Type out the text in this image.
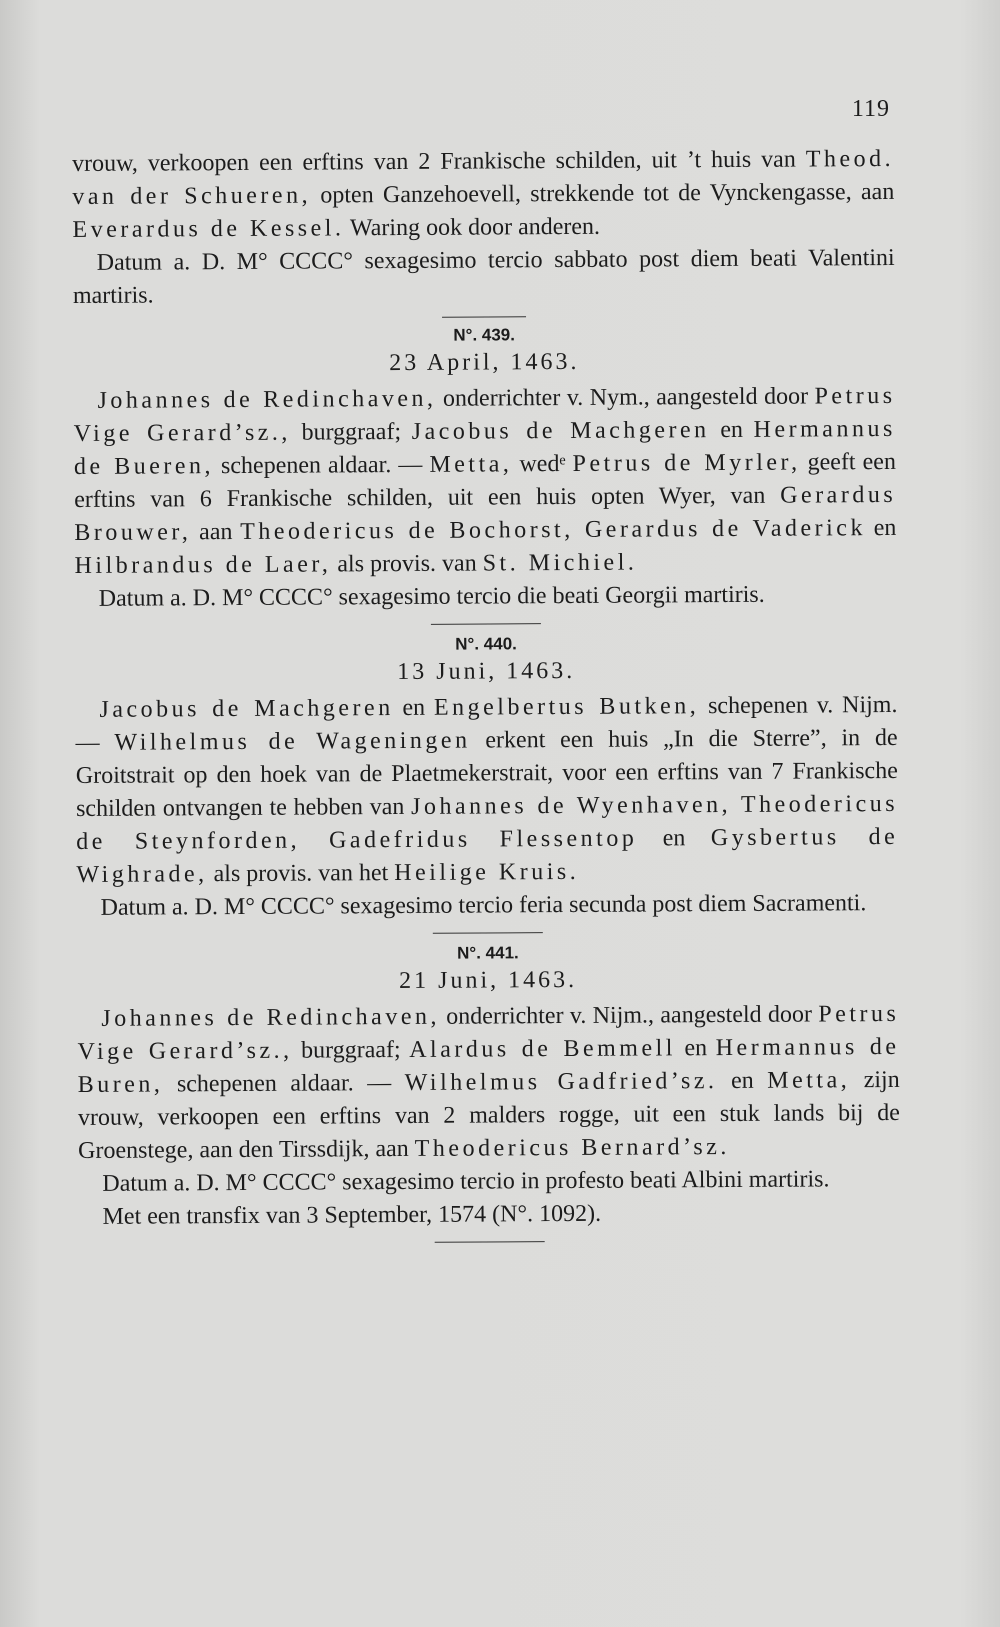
119

vrouw, verkoopen een erftins van 2 Frankische schilden, uit ’t huis van Theod. van der Schueren, opten Ganzehoevell, strekkende tot de Vynckengasse, aan Everardus de Kessel. Waring ook door anderen.

Datum a. D. M° CCCC° sexagesimo tercio sabbato post diem beati Valentini martiris.

N°. 439.
23 April, 1463.

Johannes de Redinchaven, onderrichter v. Nym., aangesteld door Petrus Vige Gerard’sz., burggraaf; Jacobus de Machgeren en Hermannus de Bueren, schepenen aldaar. — Metta, wedᵉ Petrus de Myrler, geeft een erftins van 6 Frankische schilden, uit een huis opten Wyer, van Gerardus Brouwer, aan Theodericus de Bochorst, Gerardus de Vaderick en Hilbrandus de Laer, als provis. van St. Michiel.

Datum a. D. M° CCCC° sexagesimo tercio die beati Georgii martiris.

N°. 440.
13 Juni, 1463.

Jacobus de Machgeren en Engelbertus Butken, schepenen v. Nijm. — Wilhelmus de Wageningen erkent een huis „In die Sterre”, in de Groitstrait op den hoek van de Plaetmekerstrait, voor een erftins van 7 Frankische schilden ontvangen te hebben van Johannes de Wyenhaven, Theodericus de Steynforden, Gadefridus Flessentop en Gysbertus de Wighrade, als provis. van het Heilige Kruis.

Datum a. D. M° CCCC° sexagesimo tercio feria secunda post diem Sacramenti.

N°. 441.
21 Juni, 1463.

Johannes de Redinchaven, onderrichter v. Nijm., aangesteld door Petrus Vige Gerard’sz., burggraaf; Alardus de Bemmell en Hermannus de Buren, schepenen aldaar. — Wilhelmus Gadfried’sz. en Metta, zijn vrouw, verkoopen een erftins van 2 malders rogge, uit een stuk lands bij de Groenstege, aan den Tirssdijk, aan Theodericus Bernard’sz.

Datum a. D. M° CCCC° sexagesimo tercio in profesto beati Albini martiris.

Met een transfix van 3 September, 1574 (N°. 1092).
